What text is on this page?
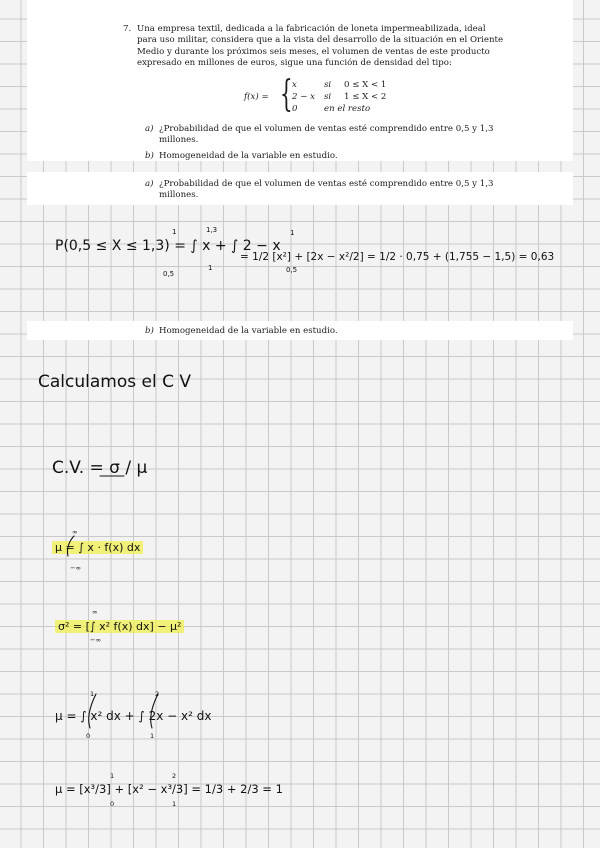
7. Una empresa textil, dedicada a la fabricación de loneta impermeabilizada, ideal para uso militar, considera que a la vista del desarrollo de la situación en el Oriente Medio y durante los próximos seis meses, el volumen de ventas de este producto expresado en millones de euros, sigue una función de densidad del tipo:
f(x) = { x	si 0 ≤ X < 1
2 − x si 1 ≤ X < 2
0	en el resto
a) ¿Probabilidad de que el volumen de ventas esté comprendido entre 0,5 y 1,3 millones.
b) Homogeneidad de la variable en estudio.
a) ¿Probabilidad de que el volumen de ventas esté comprendido entre 0,5 y 1,3 millones.
P(0,5 ≤ X ≤ 1,3) = ∫ x + ∫ 2 − x
= 1/2 [x²] + [2x − x²/2] = 1/2 · 0,75 + (1,755 − 1,5) = 0,63
0,5
1
1
1,3
0,5
1
b) Homogeneidad de la variable en estudio.
Calculamos el C V
C.V. = σ / μ
μ = ∫ x · f(x) dx
−∞
∞
σ² = [∫ x² f(x) dx] − μ²
−∞
∞
μ = ∫ x² dx + ∫ 2x − x² dx
0
1
1
2
μ = [x³/3] + [x² − x³/3] = 1/3 + 2/3 = 1
0
1
1
2
